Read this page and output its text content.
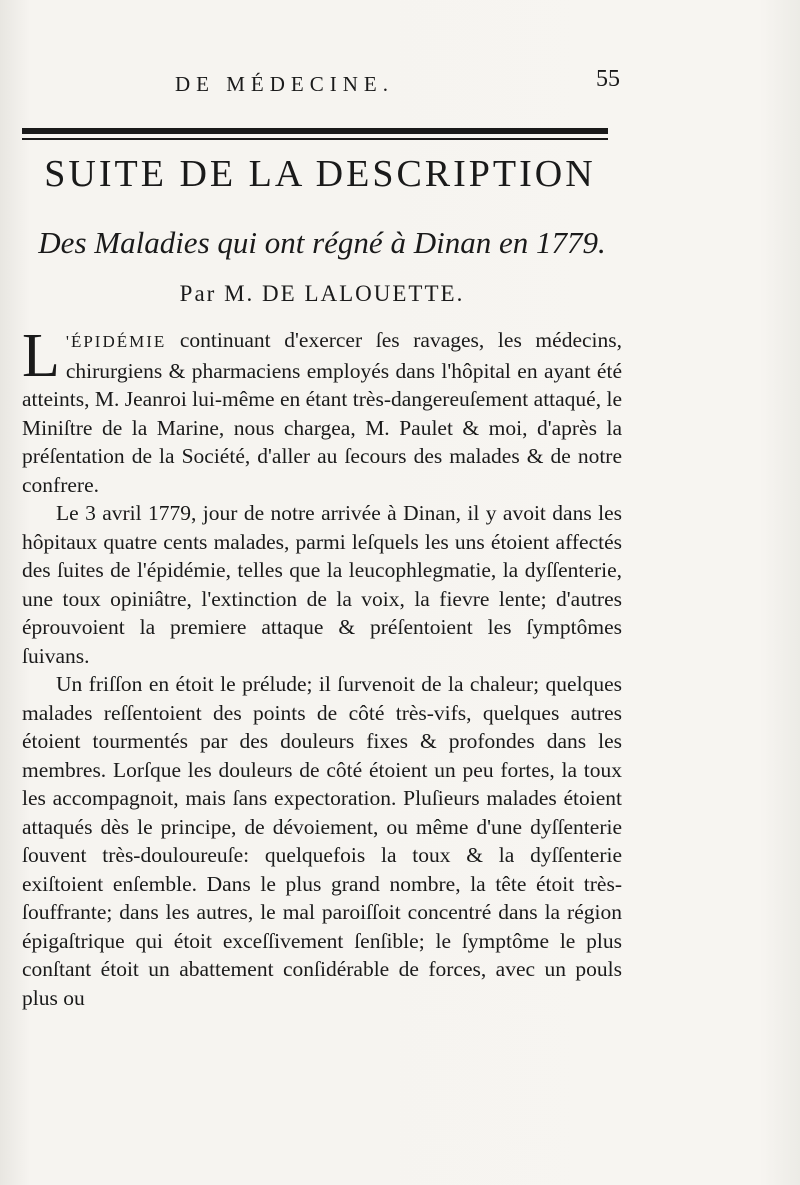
DE MÉDECINE.	55
SUITE DE LA DESCRIPTION
Des Maladies qui ont régné à Dinan en 1779.
Par M. DE LALOUETTE.

L 'ÉPIDÉMIE continuant d'exercer ſes ravages, les médecins, chirurgiens & pharmaciens employés dans l'hôpital en ayant été atteints, M. Jeanroi lui-même en étant très-dangereuſement attaqué, le Miniſtre de la Marine, nous chargea, M. Paulet & moi, d'après la préſentation de la Société, d'aller au ſecours des malades & de notre confrere.

Le 3 avril 1779, jour de notre arrivée à Dinan, il y avoit dans les hôpitaux quatre cents malades, parmi leſquels les uns étoient affectés des ſuites de l'épidémie, telles que la leucophlegmatie, la dyſſenterie, une toux opiniâtre, l'extinction de la voix, la fievre lente; d'autres éprouvoient la premiere attaque & préſentoient les ſymptômes ſuivans.

Un friſſon en étoit le prélude; il ſurvenoit de la chaleur; quelques malades reſſentoient des points de côté très-vifs, quelques autres étoient tourmentés par des douleurs fixes & profondes dans les membres. Lorſque les douleurs de côté étoient un peu fortes, la toux les accompagnoit, mais ſans expectoration. Pluſieurs malades étoient attaqués dès le principe, de dévoiement, ou même d'une dyſſenterie ſouvent très-douloureuſe: quelquefois la toux & la dyſſenterie exiſtoient enſemble. Dans le plus grand nombre, la tête étoit très-ſouffrante; dans les autres, le mal paroiſſoit concentré dans la région épigaſtrique qui étoit exceſſivement ſenſible; le ſymptôme le plus conſtant étoit un abattement conſidérable de forces, avec un pouls plus ou
